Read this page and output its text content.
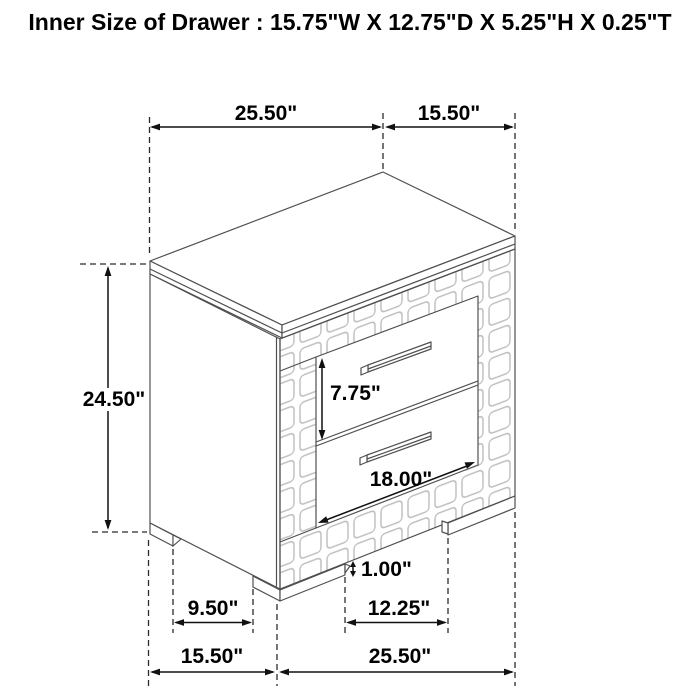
Inner Size of Drawer : 15.75"W X 12.75"D X 5.25"H X 0.25"T
25.50"	15.50"
24.50"	7.75"
18.00"
1.00"
9.50"	12.25"
15.50"	25.50"
